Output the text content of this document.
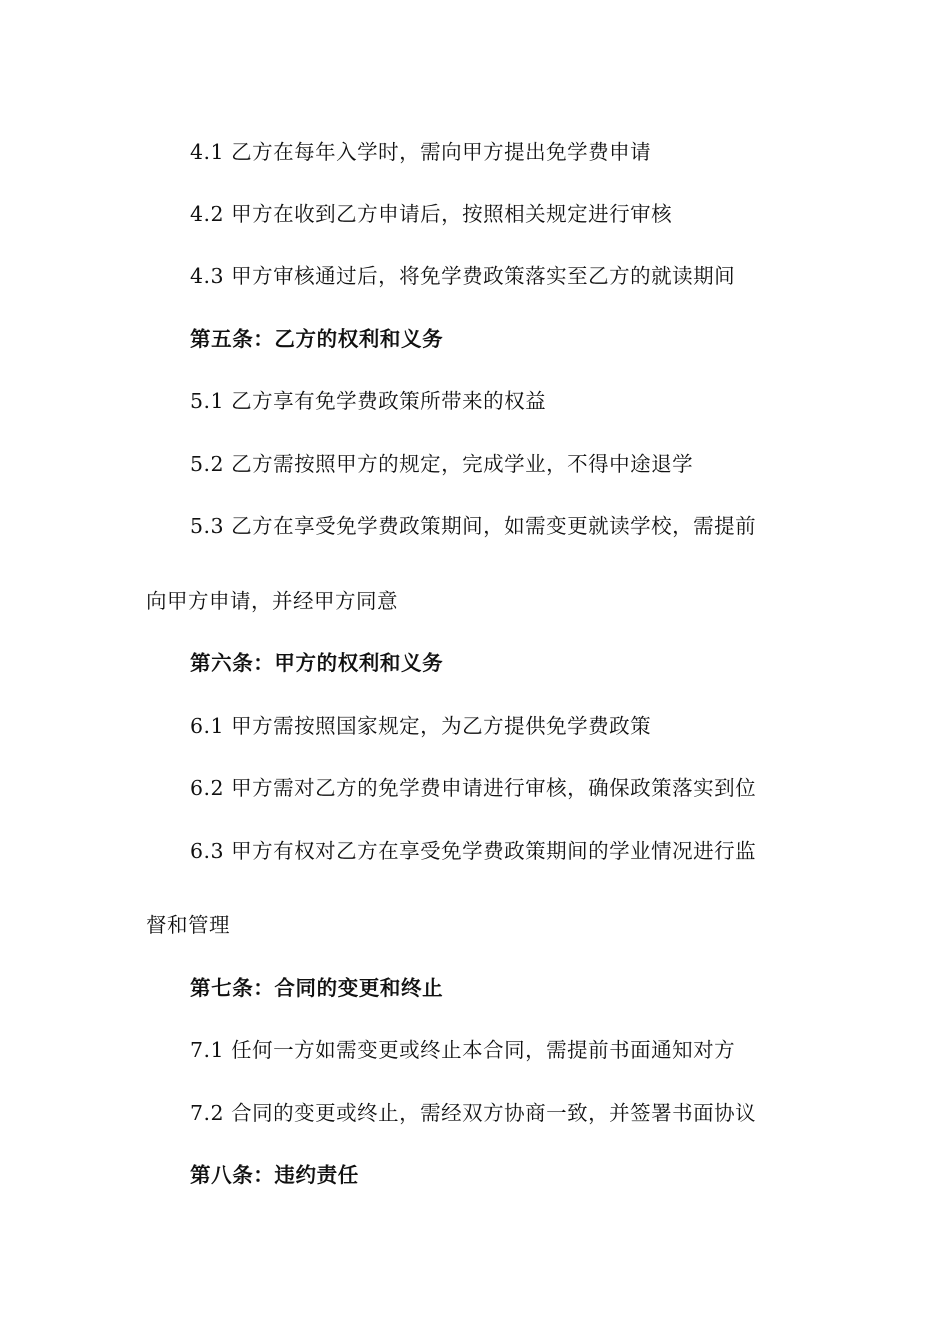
4.1 乙方在每年入学时，需向甲方提出免学费申请
4.2 甲方在收到乙方申请后，按照相关规定进行审核
4.3 甲方审核通过后，将免学费政策落实至乙方的就读期间
第五条：乙方的权利和义务
5.1 乙方享有免学费政策所带来的权益
5.2 乙方需按照甲方的规定，完成学业，不得中途退学
5.3 乙方在享受免学费政策期间，如需变更就读学校，需提前
向甲方申请，并经甲方同意
第六条：甲方的权利和义务
6.1 甲方需按照国家规定，为乙方提供免学费政策
6.2 甲方需对乙方的免学费申请进行审核，确保政策落实到位
6.3 甲方有权对乙方在享受免学费政策期间的学业情况进行监
督和管理
第七条：合同的变更和终止
7.1 任何一方如需变更或终止本合同，需提前书面通知对方
7.2 合同的变更或终止，需经双方协商一致，并签署书面协议
第八条：违约责任
